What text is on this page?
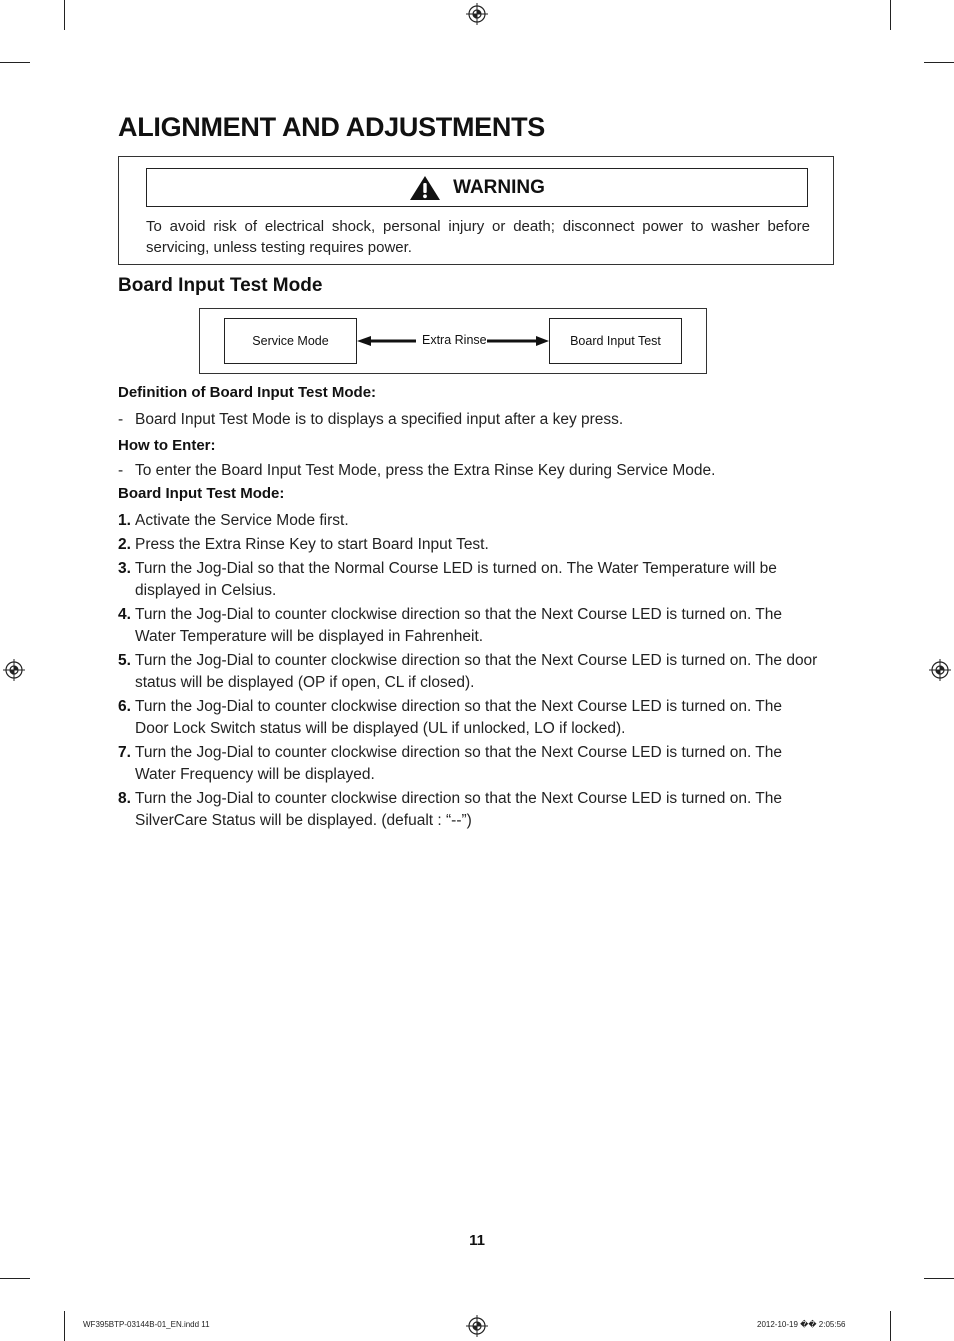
ALIGNMENT AND ADJUSTMENTS
WARNING
To avoid risk of electrical shock, personal injury or death; disconnect power to washer before servicing, unless testing requires power.
Board Input Test Mode
Service Mode	Extra Rinse	Board Input Test
Definition of Board Input Test Mode:
- Board Input Test Mode is to displays a specified input after a key press.
How to Enter:
- To enter the Board Input Test Mode, press the Extra Rinse Key during Service Mode.
Board Input Test Mode:
1. Activate the Service Mode first.
2. Press the Extra Rinse Key to start Board Input Test.
3. Turn the Jog-Dial so that the Normal Course LED is turned on. The Water Temperature will be displayed in Celsius.
4. Turn the Jog-Dial to counter clockwise direction so that the Next Course LED is turned on. The Water Temperature will be displayed in Fahrenheit.
5. Turn the Jog-Dial to counter clockwise direction so that the Next Course LED is turned on. The door status will be displayed (OP if open, CL if closed).
6. Turn the Jog-Dial to counter clockwise direction so that the Next Course LED is turned on. The Door Lock Switch status will be displayed (UL if unlocked, LO if locked).
7. Turn the Jog-Dial to counter clockwise direction so that the Next Course LED is turned on. The Water Frequency will be displayed.
8. Turn the Jog-Dial to counter clockwise direction so that the Next Course LED is turned on. The SilverCare Status will be displayed. (defualt : “--”)
11
WF395BTP-03144B-01_EN.indd 11	2012-10-19 �� 2:05:56
